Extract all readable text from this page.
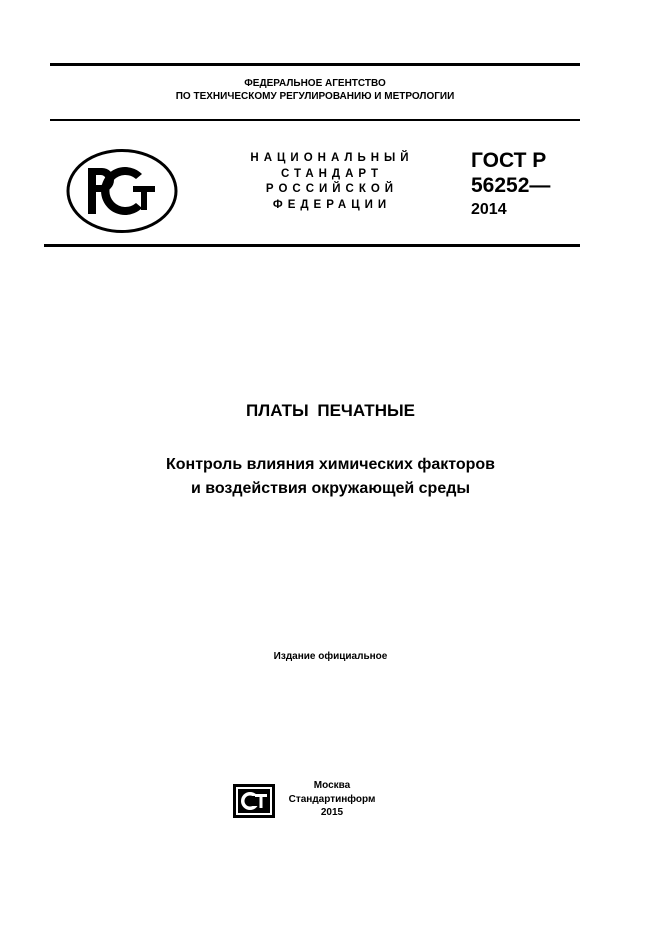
ФЕДЕРАЛЬНОЕ АГЕНТСТВО
ПО ТЕХНИЧЕСКОМУ РЕГУЛИРОВАНИЮ И МЕТРОЛОГИИ
НАЦИОНАЛЬНЫЙ
СТАНДАРТ
РОССИЙСКОЙ
ФЕДЕРАЦИИ
ГОСТ Р
56252—
2014
ПЛАТЫ ПЕЧАТНЫЕ
Контроль влияния химических факторов
и воздействия окружающей среды
Издание официальное
Москва
Стандартинформ
2015
